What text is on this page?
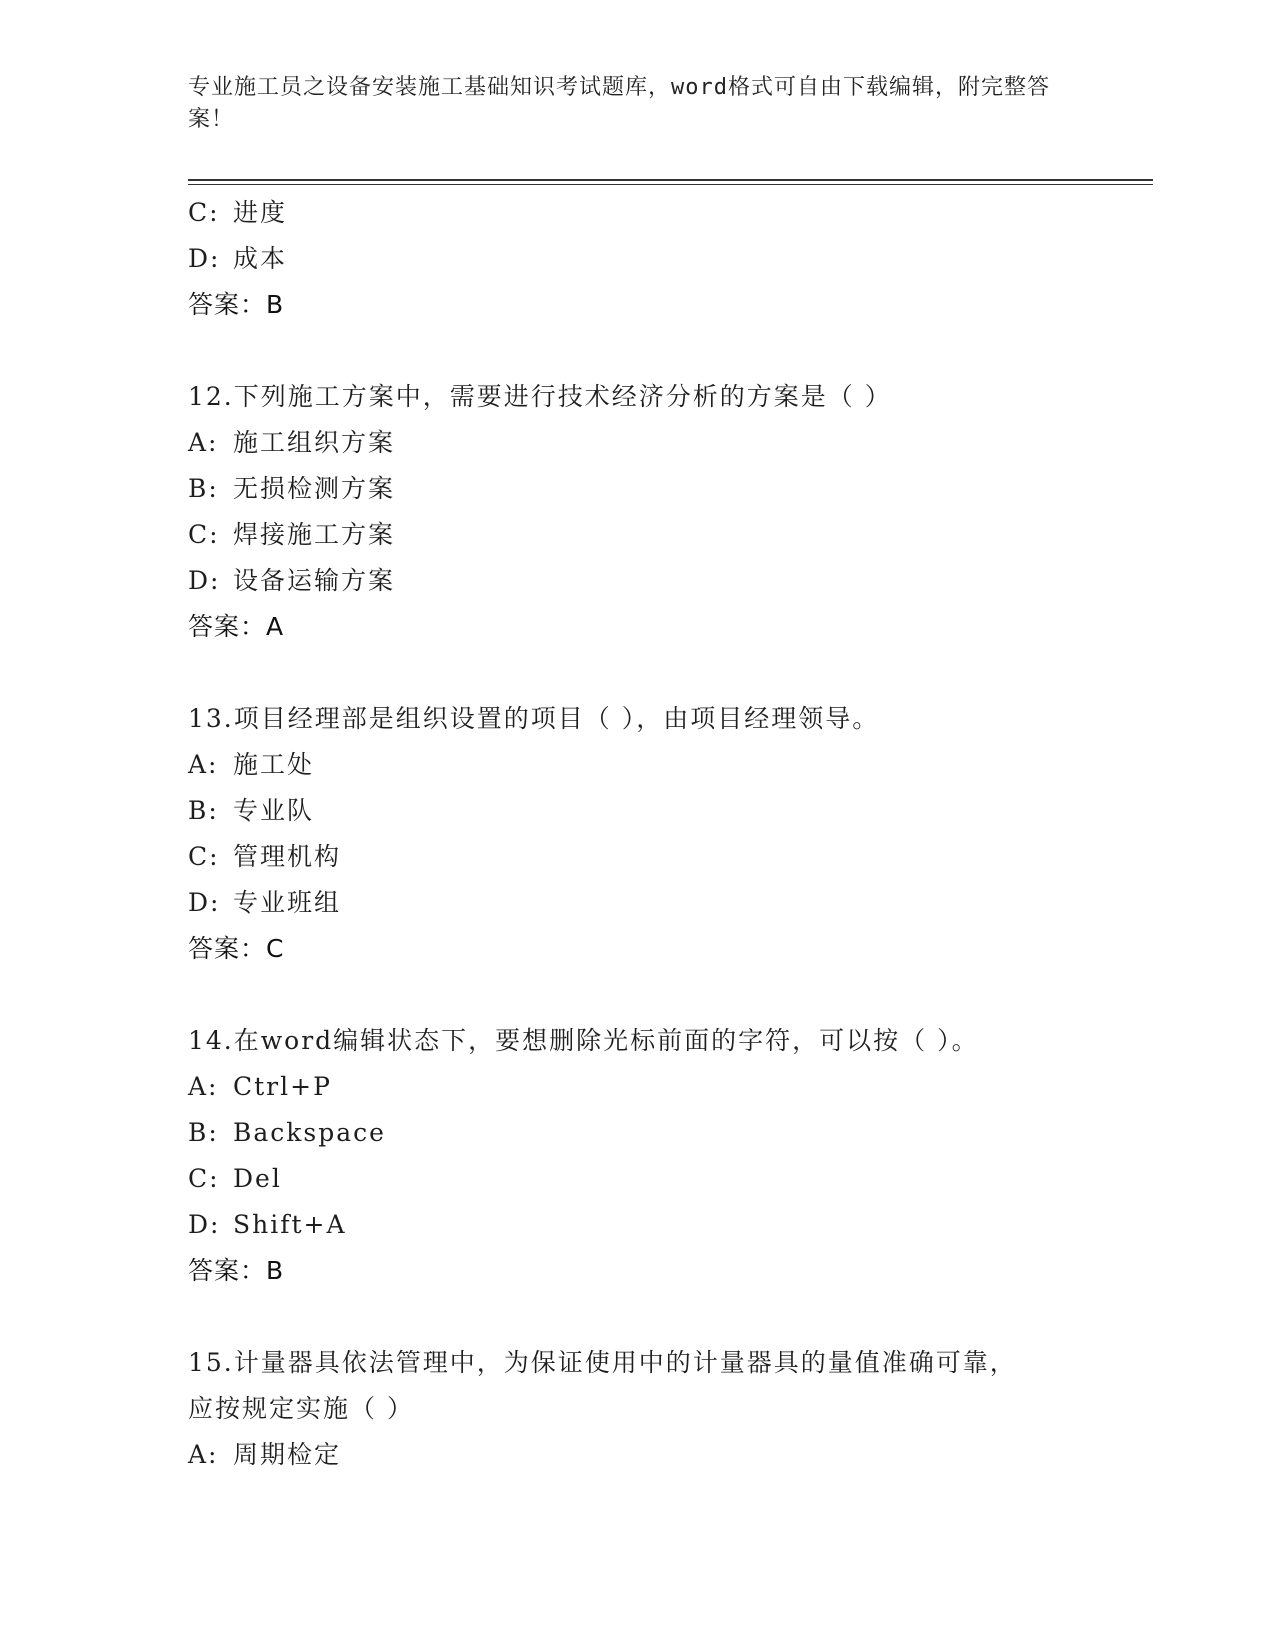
专业施工员之设备安装施工基础知识考试题库，word格式可自由下载编辑，附完整答案！
C: 进度
D: 成本
答案：B
12.下列施工方案中，需要进行技术经济分析的方案是（ ）
A: 施工组织方案
B: 无损检测方案
C: 焊接施工方案
D: 设备运输方案
答案：A
13.项目经理部是组织设置的项目（ ），由项目经理领导。
A: 施工处
B: 专业队
C: 管理机构
D: 专业班组
答案：C
14.在word编辑状态下，要想删除光标前面的字符，可以按（ ）。
A: Ctrl+P
B: Backspace
C: Del
D: Shift+A
答案：B
15.计量器具依法管理中，为保证使用中的计量器具的量值准确可靠，
应按规定实施（ ）
A: 周期检定
